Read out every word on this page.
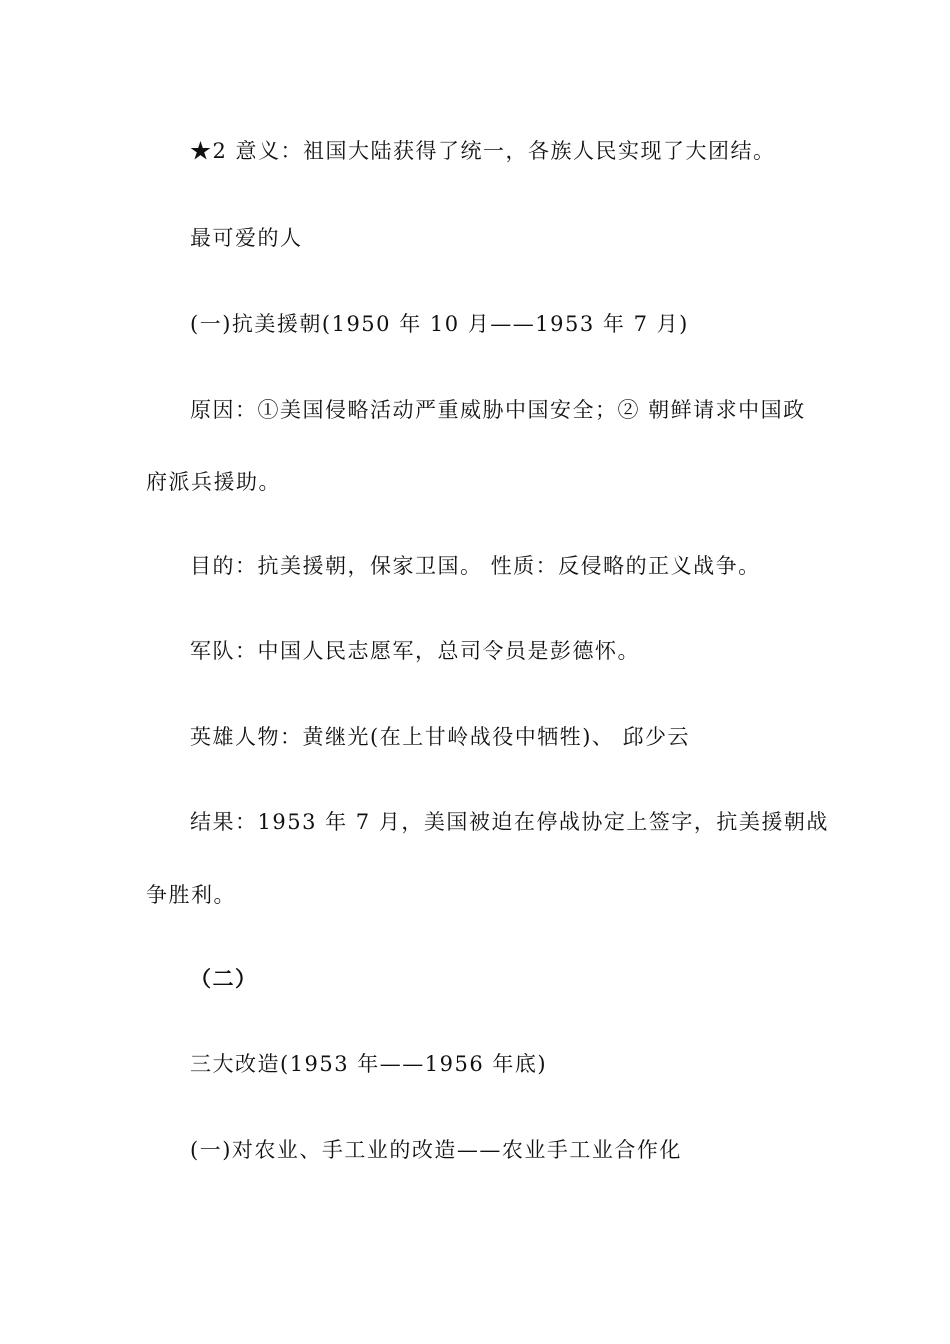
★2 意义：祖国大陆获得了统一，各族人民实现了大团结。
最可爱的人
(一)抗美援朝(1950 年 10 月——1953 年 7 月)
原因：①美国侵略活动严重威胁中国安全；② 朝鲜请求中国政
府派兵援助。
目的：抗美援朝，保家卫国。 性质：反侵略的正义战争。
军队：中国人民志愿军，总司令员是彭德怀。
英雄人物：黄继光(在上甘岭战役中牺牲)、 邱少云
结果：1953 年 7 月，美国被迫在停战协定上签字，抗美援朝战
争胜利。
（二）
三大改造(1953 年——1956 年底)
(一)对农业、手工业的改造——农业手工业合作化
